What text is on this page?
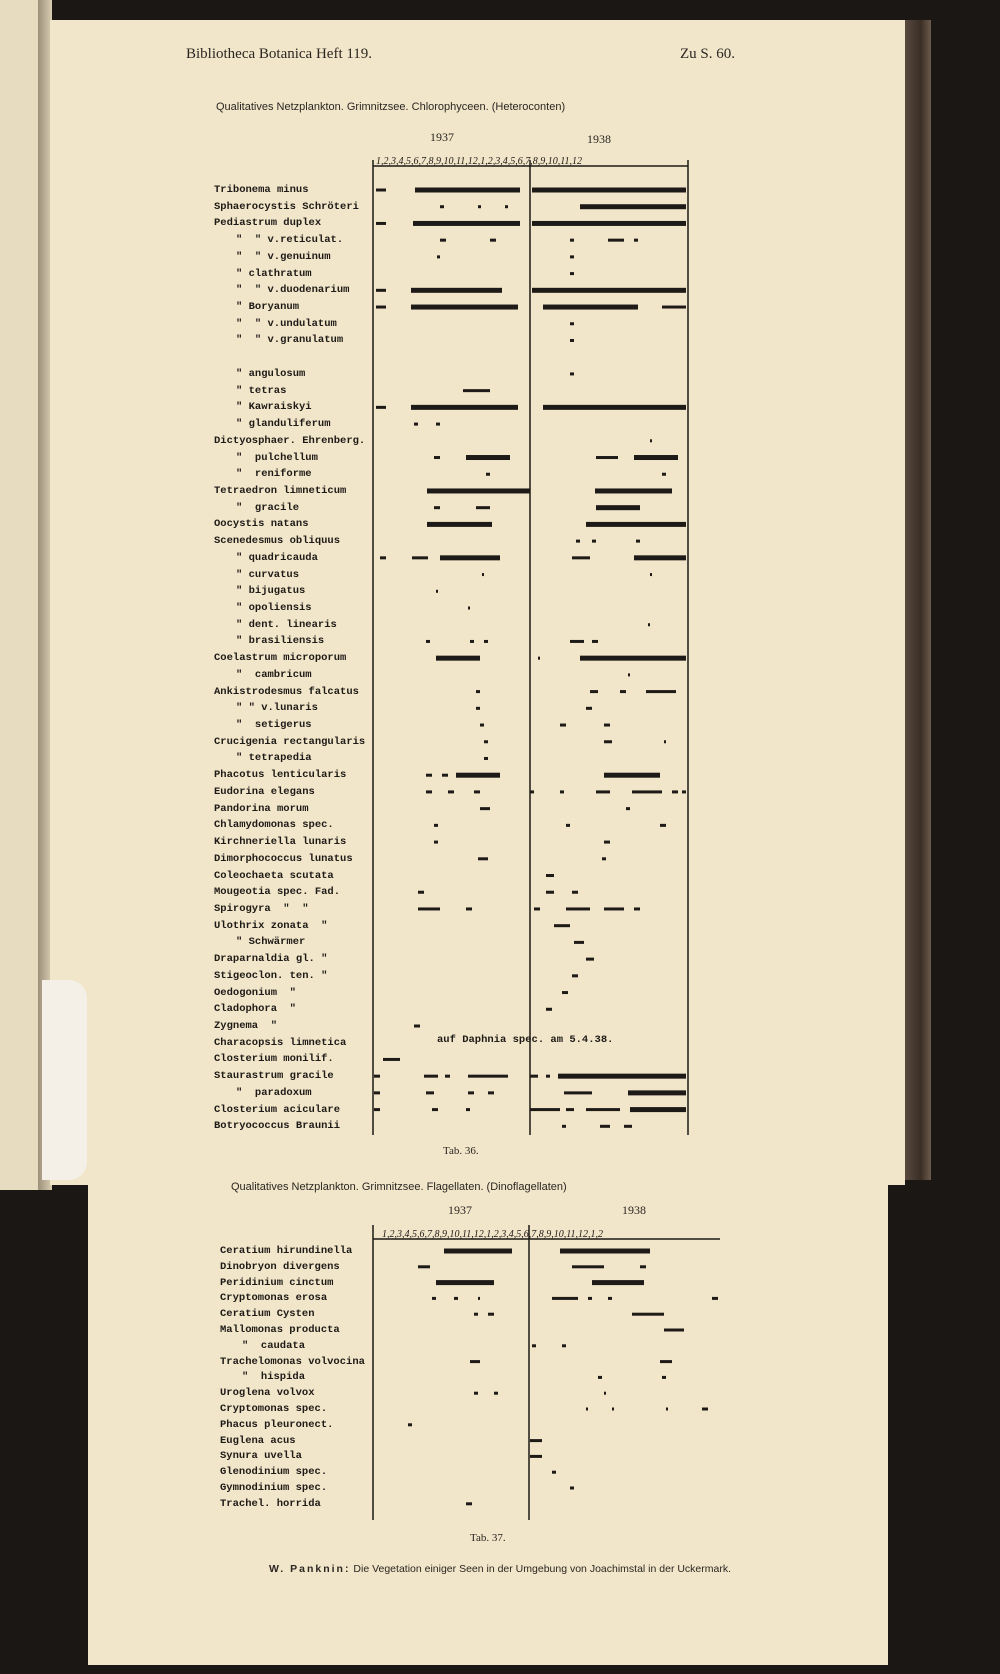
Bibliotheca Botanica Heft 119.	Zu S. 60.
Qualitatives Netzplankton. Grimnitzsee. Chlorophyceen. (Heteroconten)
1937	1938
Tribonema minus
Sphaerocystis Schröteri
Pediastrum duplex
"  " v.reticulat.
"  " v.genuinum
" clathratum
"  " v.duodenarium
" Boryanum
"  " v.undulatum
"  " v.granulatum
" angulosum
" tetras
" Kawraiskyi
" glanduliferum
Dictyosphaer. Ehrenberg.
"  pulchellum
"  reniforme
Tetraedron limneticum
"  gracile
Oocystis natans
Scenedesmus obliquus
" quadricauda
" curvatus
" bijugatus
" opoliensis
" dent. linearis
" brasiliensis
Coelastrum microporum
"  cambricum
Ankistrodesmus falcatus
" " v.lunaris
"  setigerus
Crucigenia rectangularis
" tetrapedia
Phacotus lenticularis
Eudorina elegans
Pandorina morum
Chlamydomonas spec.
Kirchneriella lunaris
Dimorphococcus lunatus
Coleochaeta scutata
Mougeotia spec. Fad.
Spirogyra  "  "
Ulothrix zonata  "
" Schwärmer
Draparnaldia gl. "
Stigeoclon. ten. "
Oedogonium  "
Cladophora  "
Zygnema  "
Characopsis limnetica
Closterium monilif.
Staurastrum gracile
"  paradoxum
Closterium aciculare
Botryococcus Braunii
Tab. 36.
Qualitatives Netzplankton. Grimnitzsee. Flagellaten. (Dinoflagellaten)
1937	1938
Ceratium hirundinella
Dinobryon divergens
Peridinium cinctum
Cryptomonas erosa
Ceratium Cysten
Mallomonas producta
"  caudata
Trachelomonas volvocina
"  hispida
Uroglena volvox
Cryptomonas spec.
Phacus pleuronect.
Euglena acus
Synura uvella
Glenodinium spec.
Gymnodinium spec.
Trachel. horrida
Tab. 37.
1,2,3,4,5,6,7,8,9,10,11,12,1,2,3,4,5,6,7,8,9,10,11,12
auf Daphnia spec. am 5.4.38.
1,2,3,4,5,6,7,8,9,10,11,12,1,2,3,4,5,6,7,8,9,10,11,12,1,2
W. Panknin: Die Vegetation einiger Seen in der Umgebung von Joachimstal in der Uckermark.
